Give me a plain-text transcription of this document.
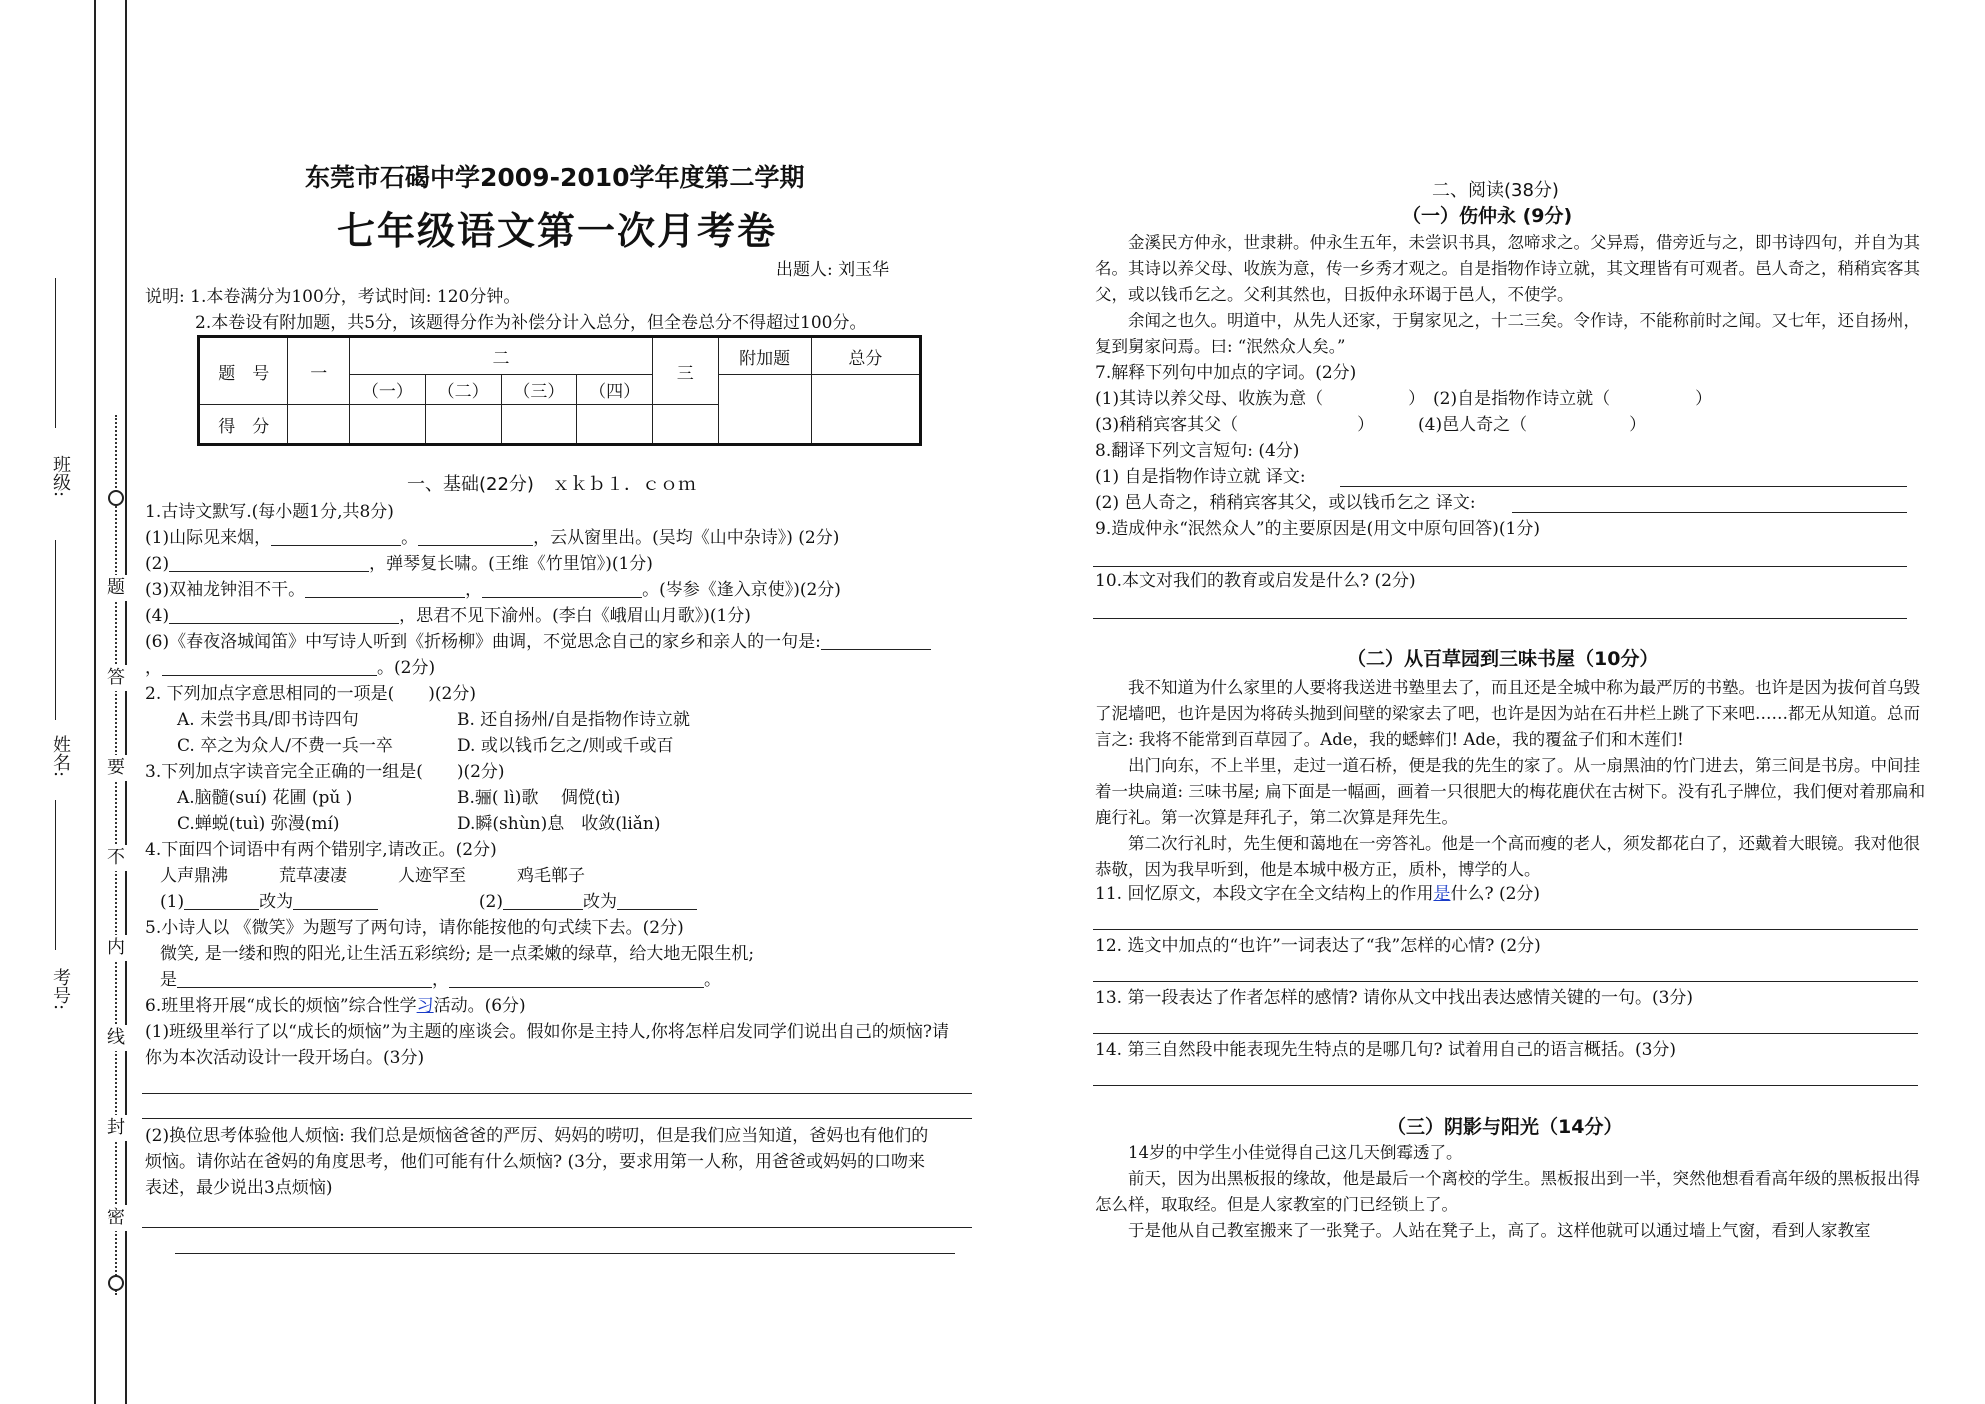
班级:
姓名:
考号:
题
答
要
不
内
线
封
密
东莞市石碣中学2009-2010学年度第二学期
七年级语文第一次月考卷
出题人: 刘玉华
说明: 1.本卷满分为100分，考试时间: 120分钟。
2.本卷设有附加题，共5分，该题得分作为补偿分计入总分，但全卷总分不得超过100分。
题　号	一	二				三	附加题	总分
		（一）	（二）	（三）	（四）			
得　分								
一、基础(22分)　ｘｋｂ１．ｃｏｍ
1.古诗文默写.(每小题1分,共8分)
(1)山际见来烟，	。	，云从窗里出。(吴均《山中杂诗》) (2分)
(2)	，弹琴复长啸。(王维《竹里馆》)(1分)
(3)双袖龙钟泪不干。	，	。(岑参《逢入京使》)(2分)
(4)	，思君不见下渝州。(李白《峨眉山月歌》)(1分)
(6)《春夜洛城闻笛》中写诗人听到《折杨柳》曲调，不觉思念自己的家乡和亲人的一句是:
，	。(2分)
2. 下列加点字意思相同的一项是(　　)(2分)
A. 未尝书具/即书诗四句	B. 还自扬州/自是指物作诗立就
C. 卒之为众人/不费一兵一卒	D. 或以钱币乞之/则或千或百
3.下列加点字读音完全正确的一组是(　　)(2分)
A.脑髓(suí) 花圃 (pǔ )	B.骊( lì)歌　 倜傥(tì)
C.蝉蜕(tuì) 弥漫(mí)	D.瞬(shùn)息　收敛(liǎn)
4.下面四个词语中有两个错别字,请改正。(2分)
人声鼎沸　　　荒草凄凄　　　人迹罕至　　　鸡毛郸子
(1)	改为	(2)	改为
5.小诗人以 《微笑》为题写了两句诗，请你能按他的句式续下去。(2分)
微笑, 是一缕和煦的阳光,让生活五彩缤纷; 是一点柔嫩的绿草，给大地无限生机;
是	，	。
6.班里将开展“成长的烦恼”综合性学习活动。(6分)
(1)班级里举行了以“成长的烦恼”为主题的座谈会。假如你是主持人,你将怎样启发同学们说出自己的烦恼?请
你为本次活动设计一段开场白。(3分)
(2)换位思考体验他人烦恼: 我们总是烦恼爸爸的严厉、妈妈的唠叨，但是我们应当知道，爸妈也有他们的
烦恼。请你站在爸妈的角度思考，他们可能有什么烦恼? (3分，要求用第一人称，用爸爸或妈妈的口吻来
表述，最少说出3点烦恼)
二、阅读(38分)
（一）伤仲永 (9分)

金溪民方仲永，世隶耕。仲永生五年，未尝识书具，忽啼求之。父异焉，借旁近与之，即书诗四句，并自为其名。其诗以养父母、收族为意，传一乡秀才观之。自是指物作诗立就，其文理皆有可观者。邑人奇之，稍稍宾客其父，或以钱币乞之。父利其然也，日扳仲永环谒于邑人，不使学。

余闻之也久。明道中，从先人还家，于舅家见之，十二三矣。令作诗，不能称前时之闻。又七年，还自扬州，复到舅家问焉。曰: “泯然众人矣。”

7.解释下列句中加点的字词。(2分)
(1)其诗以养父母、收族为意（　　　　　） (2)自是指物作诗立就（　　　　　）
(3)稍稍宾客其父（　　　　　　　）	(4)邑人奇之（　　　　　　）
8.翻译下列文言短句: (4分)
(1) 自是指物作诗立就 译文:
(2) 邑人奇之，稍稍宾客其父，或以钱币乞之 译文:
9.造成仲永“泯然众人”的主要原因是(用文中原句回答)(1分)
10.本文对我们的教育或启发是什么? (2分)
（二）从百草园到三味书屋（10分）

我不知道为什么家里的人要将我送进书塾里去了，而且还是全城中称为最严厉的书塾。也许是因为拔何首乌毁了泥墙吧，也许是因为将砖头抛到间壁的梁家去了吧，也许是因为站在石井栏上跳了下来吧……都无从知道。总而言之: 我将不能常到百草园了。Ade，我的蟋蟀们! Ade，我的覆盆子们和木莲们!

出门向东，不上半里，走过一道石桥，便是我的先生的家了。从一扇黑油的竹门进去，第三间是书房。中间挂着一块扁道: 三味书屋; 扁下面是一幅画，画着一只很肥大的梅花鹿伏在古树下。没有孔子牌位，我们便对着那扁和鹿行礼。第一次算是拜孔子，第二次算是拜先生。

第二次行礼时，先生便和蔼地在一旁答礼。他是一个高而瘦的老人，须发都花白了，还戴着大眼镜。我对他很恭敬，因为我早听到，他是本城中极方正，质朴，博学的人。

11. 回忆原文，本段文字在全文结构上的作用是什么? (2分)
12. 选文中加点的“也许”一词表达了“我”怎样的心情? (2分)
13. 第一段表达了作者怎样的感情? 请你从文中找出表达感情关键的一句。(3分)
14. 第三自然段中能表现先生特点的是哪几句? 试着用自己的语言概括。(3分)
（三）阴影与阳光（14分）

14岁的中学生小佳觉得自己这几天倒霉透了。

前天，因为出黑板报的缘故，他是最后一个离校的学生。黑板报出到一半，突然他想看看高年级的黑板报出得怎么样，取取经。但是人家教室的门已经锁上了。

于是他从自己教室搬来了一张凳子。人站在凳子上，高了。这样他就可以通过墙上气窗，看到人家教室
